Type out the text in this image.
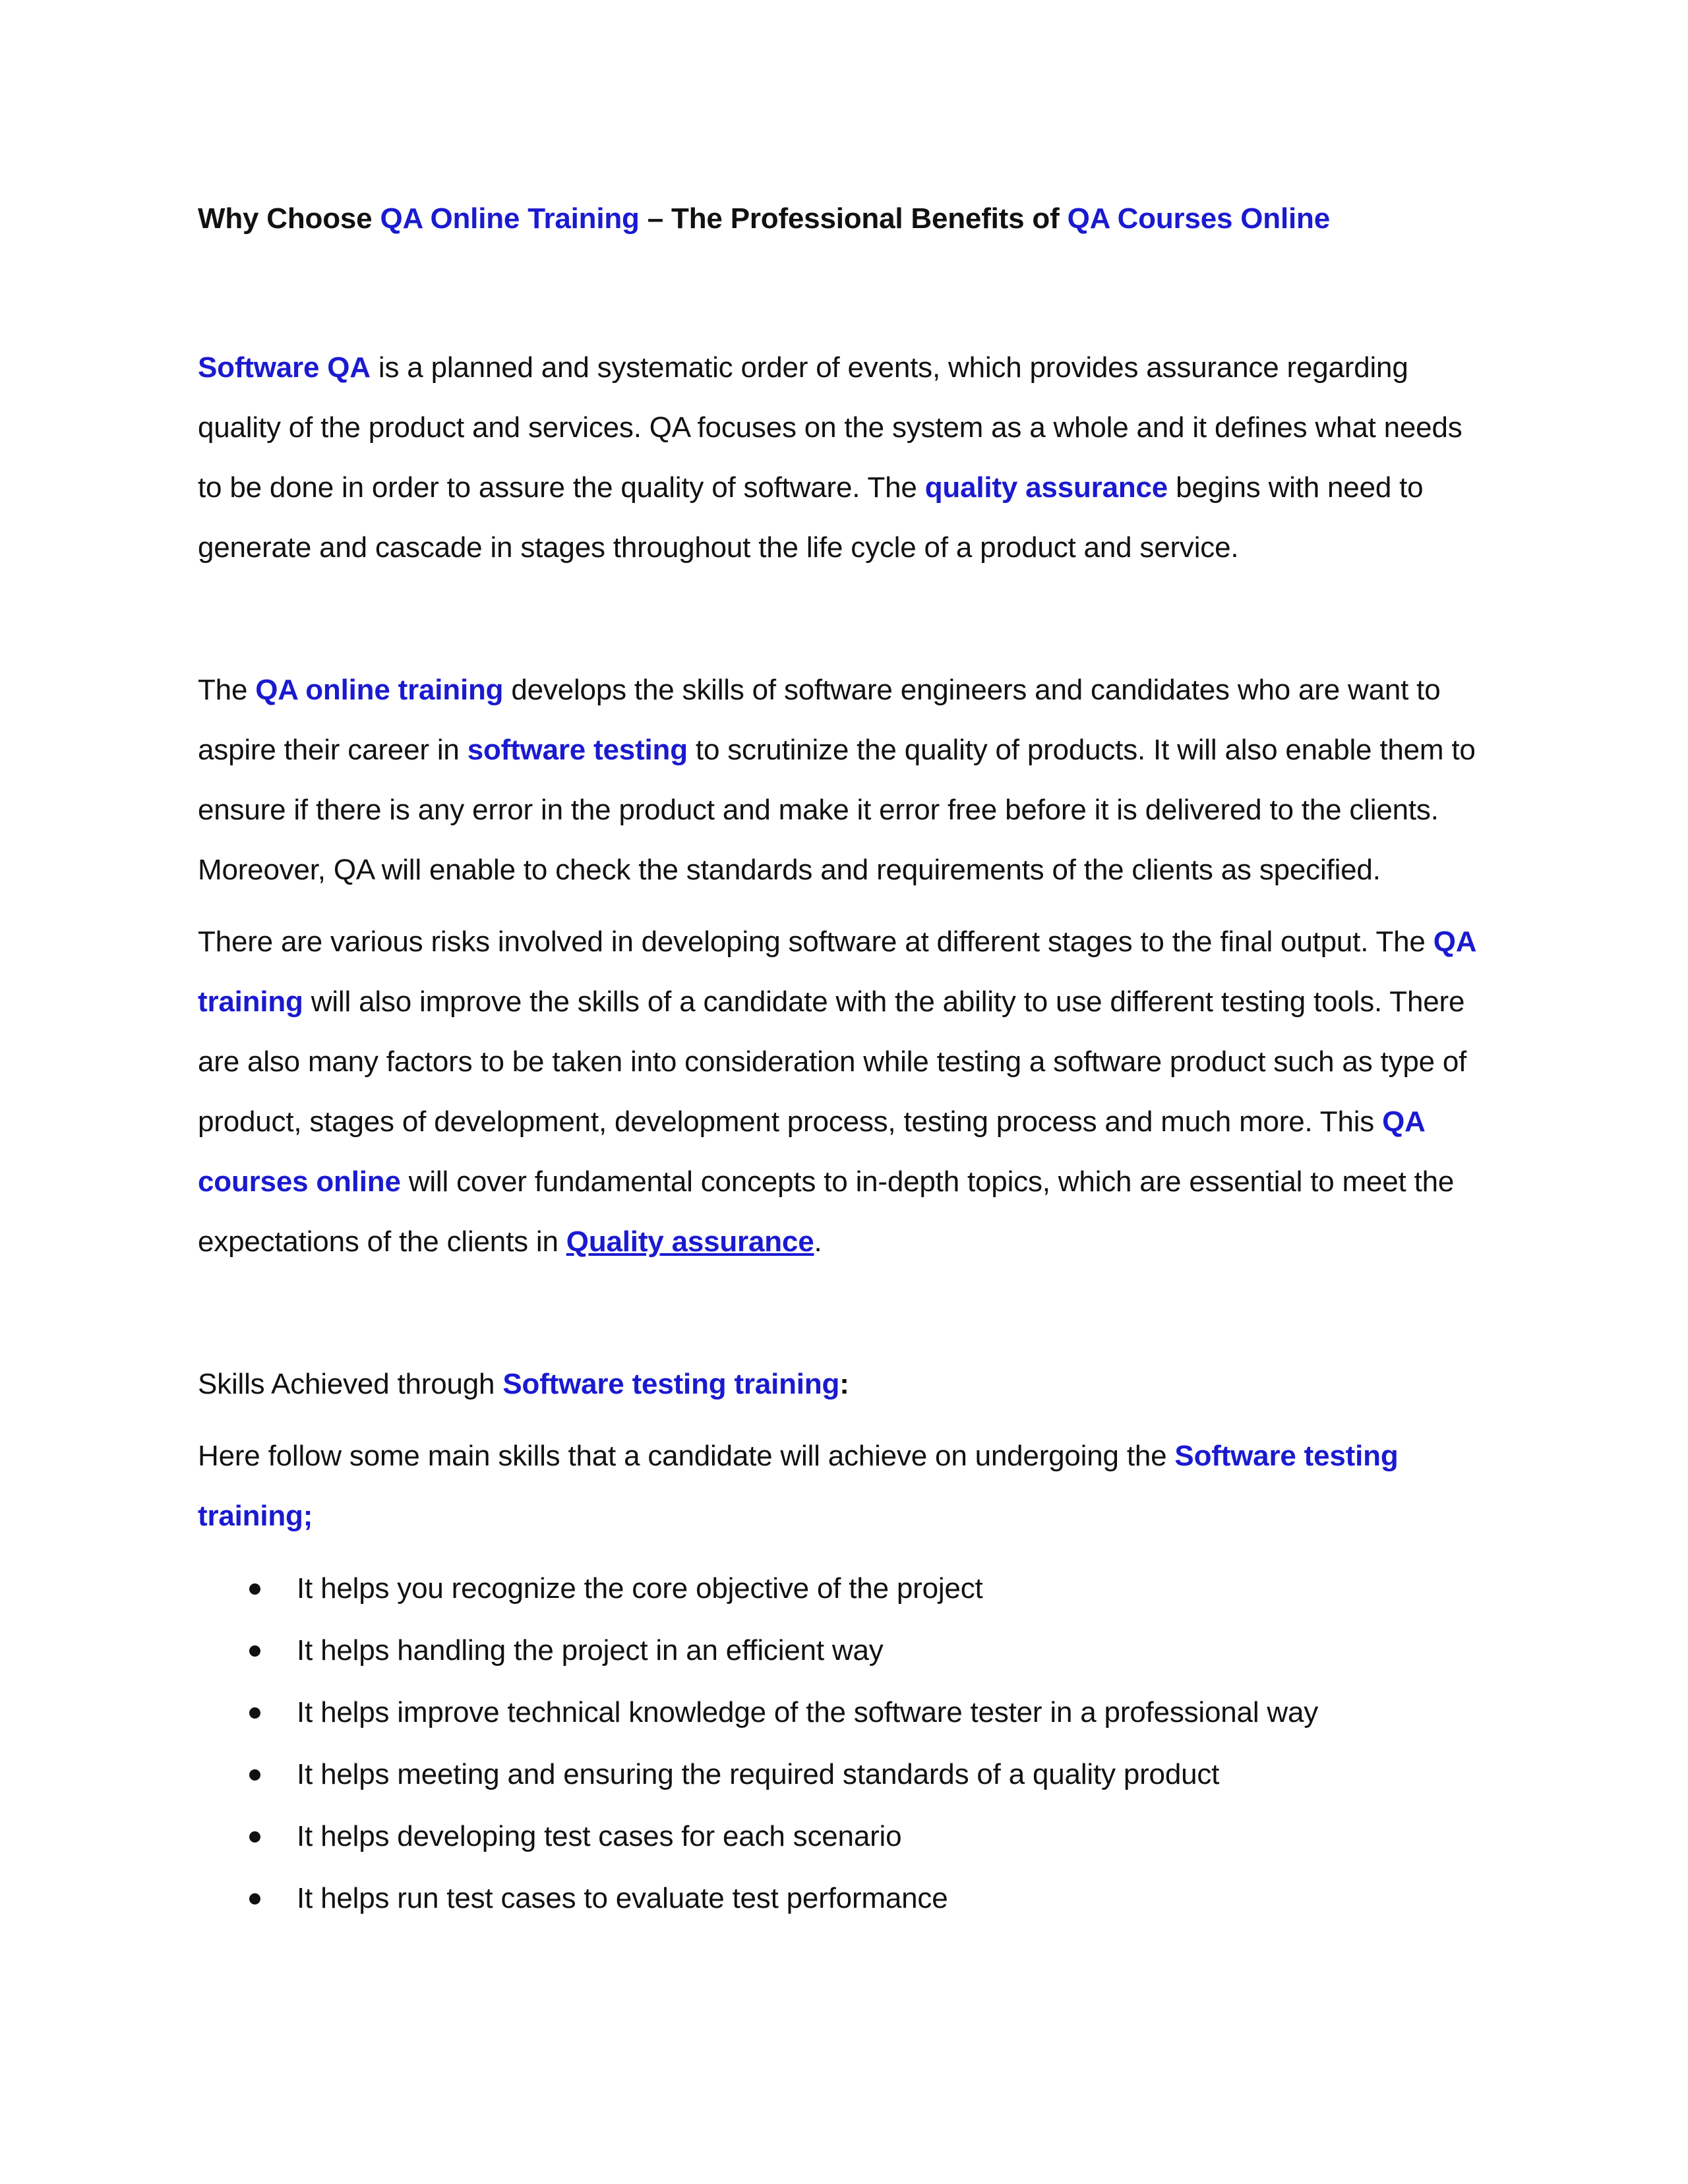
Why Choose QA Online Training – The Professional Benefits of QA Courses Online

Software QA is a planned and systematic order of events, which provides assurance regarding quality of the product and services. QA focuses on the system as a whole and it defines what needs to be done in order to assure the quality of software. The quality assurance begins with need to generate and cascade in stages throughout the life cycle of a product and service.

The QA online training develops the skills of software engineers and candidates who are want to aspire their career in software testing to scrutinize the quality of products. It will also enable them to ensure if there is any error in the product and make it error free before it is delivered to the clients. Moreover, QA will enable to check the standards and requirements of the clients as specified.

There are various risks involved in developing software at different stages to the final output. The QA training will also improve the skills of a candidate with the ability to use different testing tools. There are also many factors to be taken into consideration while testing a software product such as type of product, stages of development, development process, testing process and much more. This QA courses online will cover fundamental concepts to in-depth topics, which are essential to meet the expectations of the clients in Quality assurance.

Skills Achieved through Software testing training:

Here follow some main skills that a candidate will achieve on undergoing the Software testing training;

It helps you recognize the core objective of the project
It helps handling the project in an efficient way
It helps improve technical knowledge of the software tester in a professional way
It helps meeting and ensuring the required standards of a quality product
It helps developing test cases for each scenario
It helps run test cases to evaluate test performance
